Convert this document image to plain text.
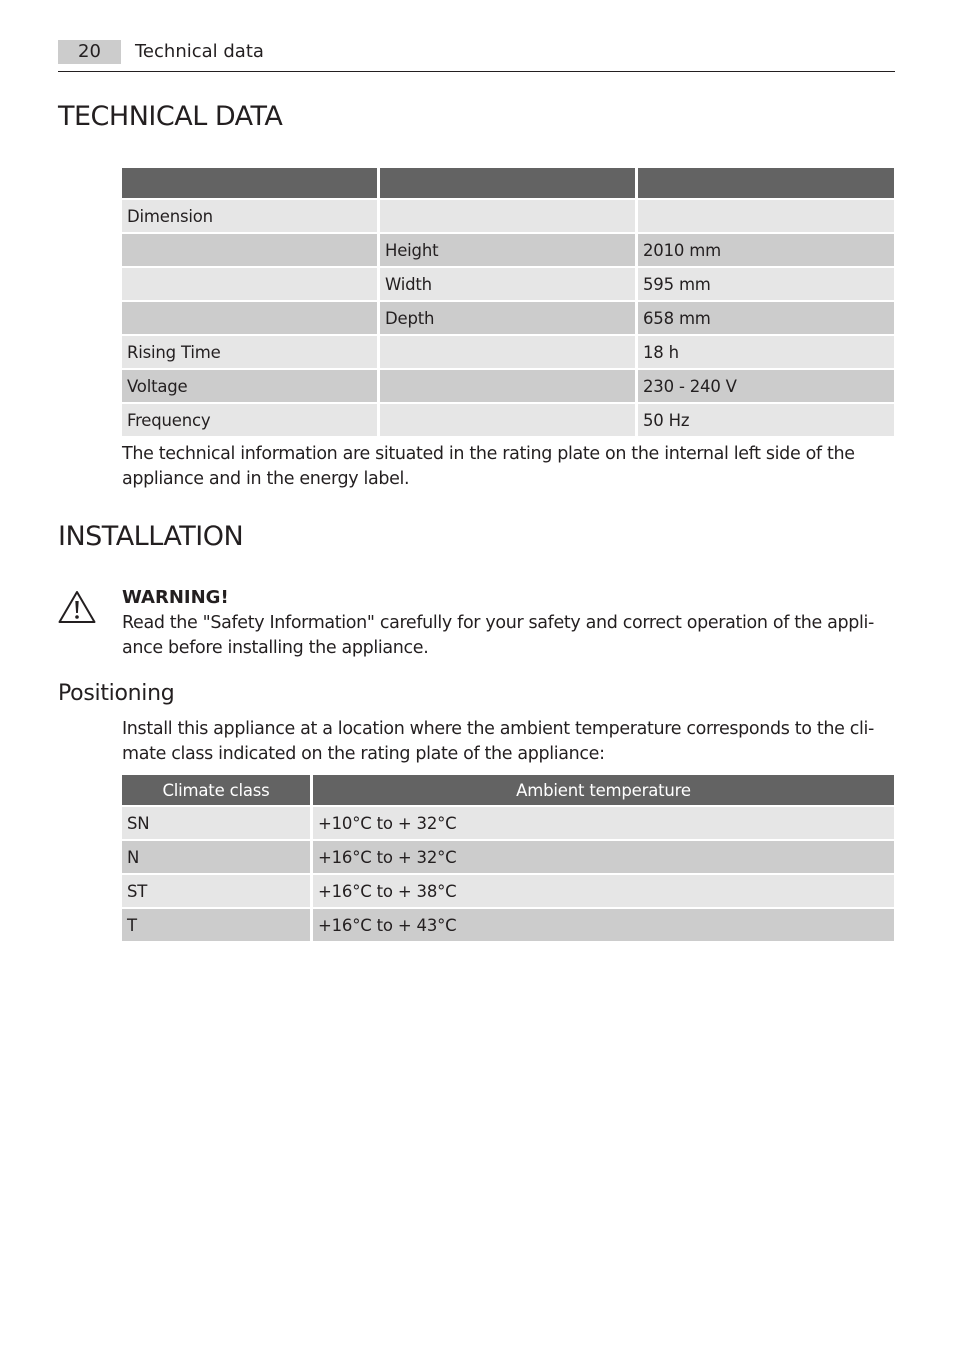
20	Technical data
TECHNICAL DATA

Dimension		
	Height	2010 mm
	Width	595 mm
	Depth	658 mm
Rising Time		18 h
Voltage		230 - 240 V
Frequency		50 Hz

The technical information are situated in the rating plate on the internal left side of the appliance and in the energy label.

INSTALLATION

WARNING!

Read the "Safety Information" carefully for your safety and correct operation of the appli-ance before installing the appliance.

Positioning

Install this appliance at a location where the ambient temperature corresponds to the cli-mate class indicated on the rating plate of the appliance:

Climate class	Ambient temperature
SN	+10°C to + 32°C
N	+16°C to + 32°C
ST	+16°C to + 38°C
T	+16°C to + 43°C
